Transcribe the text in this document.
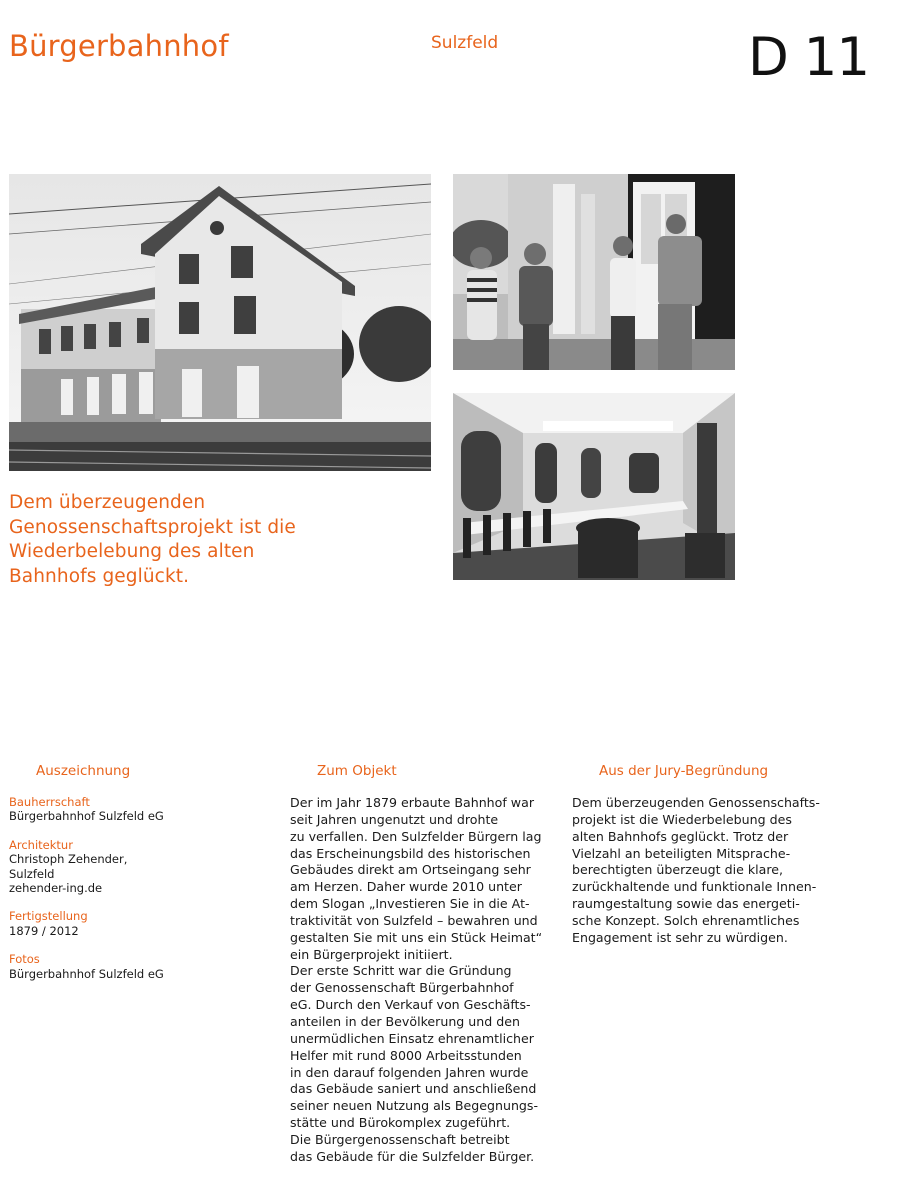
Bürgerbahnhof	Sulzfeld	D 11
Dem überzeugenden Genossenschaftsprojekt ist die Wiederbelebung des alten Bahnhofs geglückt.
Auszeichnung	Zum Objekt	Aus der Jury-Begründung
Bauherrschaft
Bürgerbahnhof Sulzfeld eG
Architektur
Christoph Zehender,
Sulzfeld
zehender-ing.de
Fertigstellung
1879 / 2012
Fotos
Bürgerbahnhof Sulzfeld eG

Der im Jahr 1879 erbaute Bahnhof war
seit Jahren ungenutzt und drohte
zu verfallen. Den Sulzfelder Bürgern lag
das Erscheinungsbild des historischen
Gebäudes direkt am Ortseingang sehr
am Herzen. Daher wurde 2010 unter
dem Slogan „Investieren Sie in die At-
traktivität von Sulzfeld – bewahren und
gestalten Sie mit uns ein Stück Heimat“
ein Bürgerprojekt initiiert.
Der erste Schritt war die Gründung
der Genossenschaft Bürgerbahnhof
eG. Durch den Verkauf von Geschäfts-
anteilen in der Bevölkerung und den
unermüdlichen Einsatz ehrenamtlicher
Helfer mit rund 8000 Arbeitsstunden
in den darauf folgenden Jahren wurde
das Gebäude saniert und anschließend
seiner neuen Nutzung als Begegnungs-
stätte und Bürokomplex zugeführt.
Die Bürgergenossenschaft betreibt
das Gebäude für die Sulzfelder Bürger.

Dem überzeugenden Genossenschafts-
projekt ist die Wiederbelebung des
alten Bahnhofs geglückt. Trotz der
Vielzahl an beteiligten Mitsprache-
berechtigten überzeugt die klare,
zurückhaltende und funktionale Innen-
raumgestaltung sowie das energeti-
sche Konzept. Solch ehrenamtliches
Engagement ist sehr zu würdigen.
